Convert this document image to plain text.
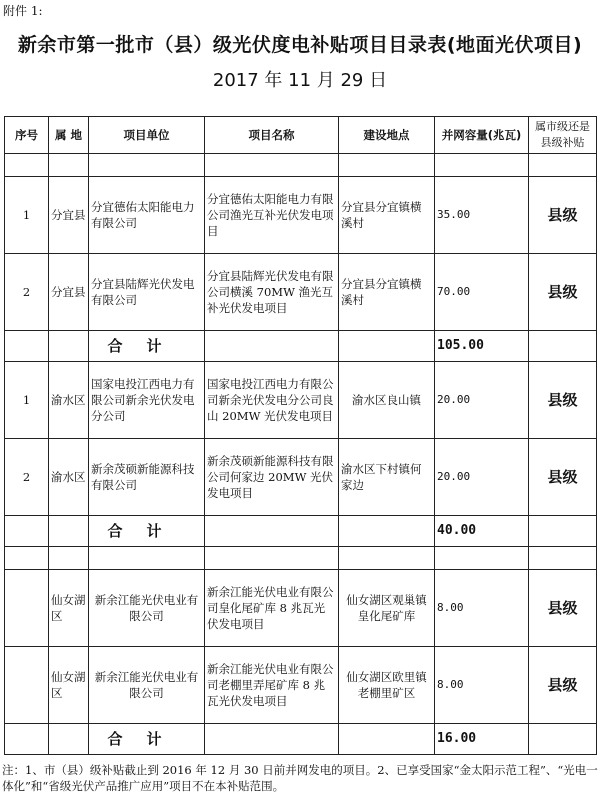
附件 1:
新余市第一批市（县）级光伏度电补贴项目目录表(地面光伏项目)
2017 年 11 月 29 日
序号	属 地	项目单位	项目名称	建设地点	并网容量(兆瓦)	属市级还是县级补贴

1	分宜县	分宜德佑太阳能电力有限公司	分宜德佑太阳能电力有限公司渔光互补光伏发电项目	分宜县分宜镇横溪村	35.00	县级
2	分宜县	分宜县陆辉光伏发电有限公司	分宜县陆辉光伏发电有限公司横溪 70MW 渔光互补光伏发电项目	分宜县分宜镇横溪村	70.00	县级
		合计			105.00	
1	渝水区	国家电投江西电力有限公司新余光伏发电分公司	国家电投江西电力有限公司新余光伏发电分公司良山 20MW 光伏发电项目	渝水区良山镇	20.00	县级
2	渝水区	新余茂硕新能源科技有限公司	新余茂硕新能源科技有限公司何家边 20MW 光伏发电项目	渝水区下村镇何家边	20.00	县级
		合计			40.00	

	仙女湖区	新余江能光伏电业有限公司	新余江能光伏电业有限公司皇化尾矿库 8 兆瓦光伏发电项目	仙女湖区观巢镇皇化尾矿库	8.00	县级
	仙女湖区	新余江能光伏电业有限公司	新余江能光伏电业有限公司老棚里弄尾矿库 8 兆瓦光伏发电项目	仙女湖区欧里镇老棚里矿区	8.00	县级
		合计			16.00	
注：1、市（县）级补贴截止到 2016 年 12 月 30 日前并网发电的项目。2、已享受国家“金太阳示范工程”、“光电一体化”和“省级光伏产品推广应用”项目不在本补贴范围。
